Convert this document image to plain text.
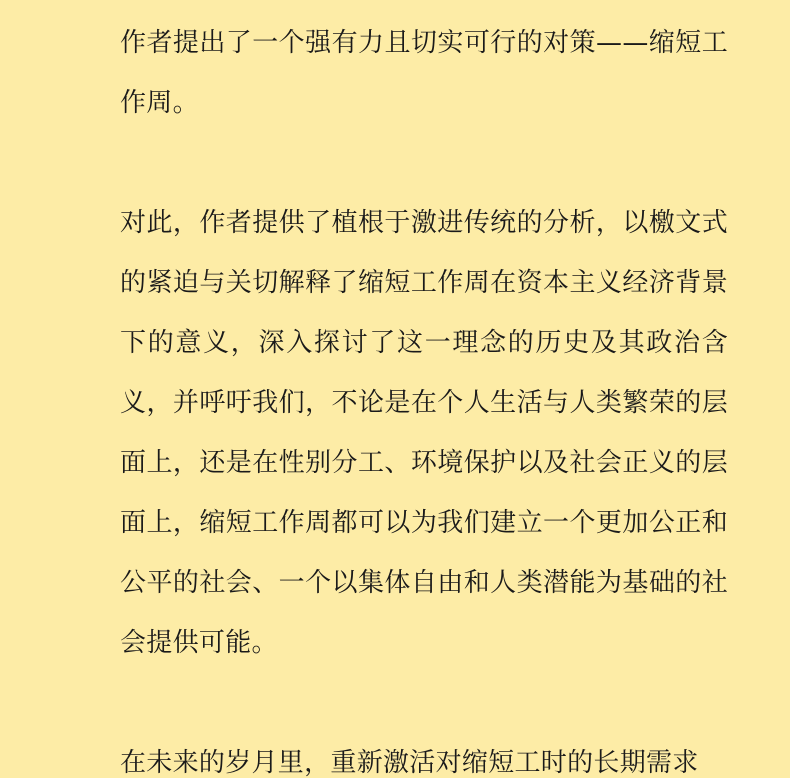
作者提出了一个强有力且切实可行的对策——缩短工作周。

对此，作者提供了植根于激进传统的分析，以檄文式的紧迫与关切解释了缩短工作周在资本主义经济背景下的意义，深入探讨了这一理念的历史及其政治含义，并呼吁我们，不论是在个人生活与人类繁荣的层面上，还是在性别分工、环境保护以及社会正义的层面上，缩短工作周都可以为我们建立一个更加公正和公平的社会、一个以集体自由和人类潜能为基础的社会提供可能。

在未来的岁月里，重新激活对缩短工时的长期需求
